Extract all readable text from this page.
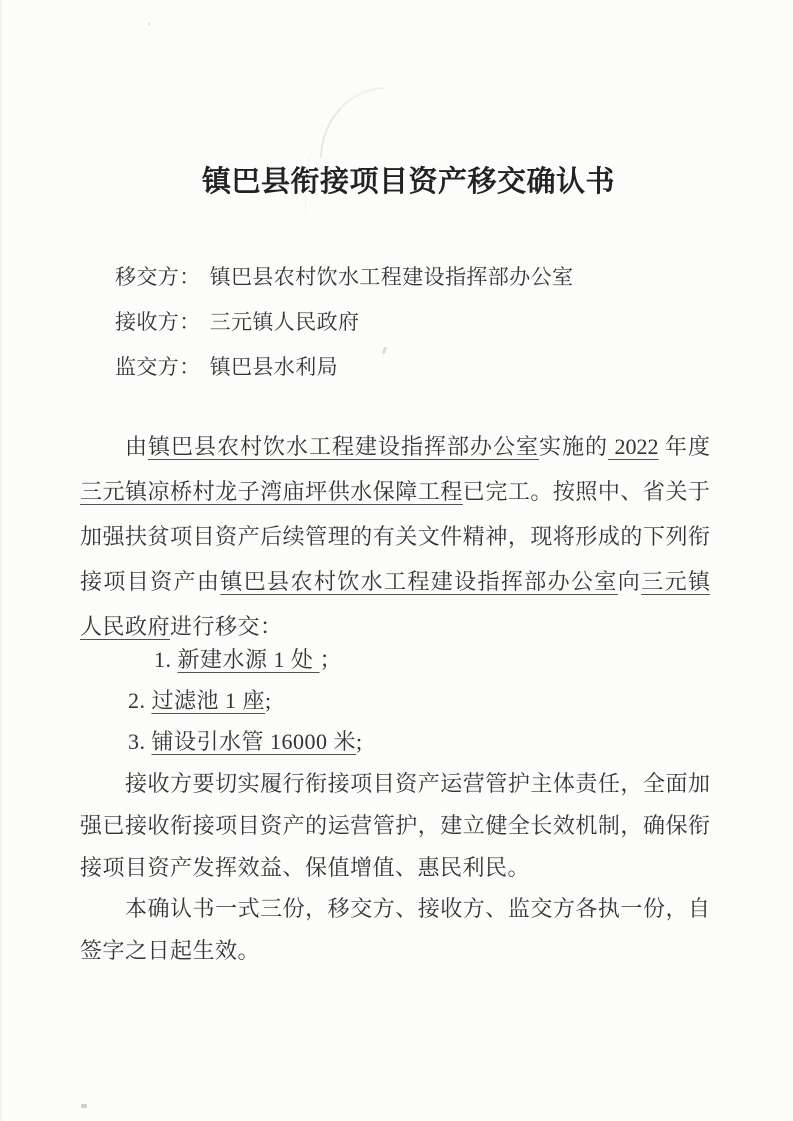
镇巴县衔接项目资产移交确认书
移交方： 镇巴县农村饮水工程建设指挥部办公室
接收方： 三元镇人民政府
监交方： 镇巴县水利局
由镇巴县农村饮水工程建设指挥部办公室实施的 2022 年度
三元镇凉桥村龙子湾庙坪供水保障工程已完工。按照中、省关于
加强扶贫项目资产后续管理的有关文件精神，现将形成的下列衔
接项目资产由镇巴县农村饮水工程建设指挥部办公室向三元镇
人民政府进行移交：
1. 新建水源 1 处 ；
2. 过滤池 1 座;
3. 铺设引水管 16000 米;
接收方要切实履行衔接项目资产运营管护主体责任，全面加
强已接收衔接项目资产的运营管护，建立健全长效机制，确保衔
接项目资产发挥效益、保值增值、惠民利民。
本确认书一式三份，移交方、接收方、监交方各执一份，自
签字之日起生效。
